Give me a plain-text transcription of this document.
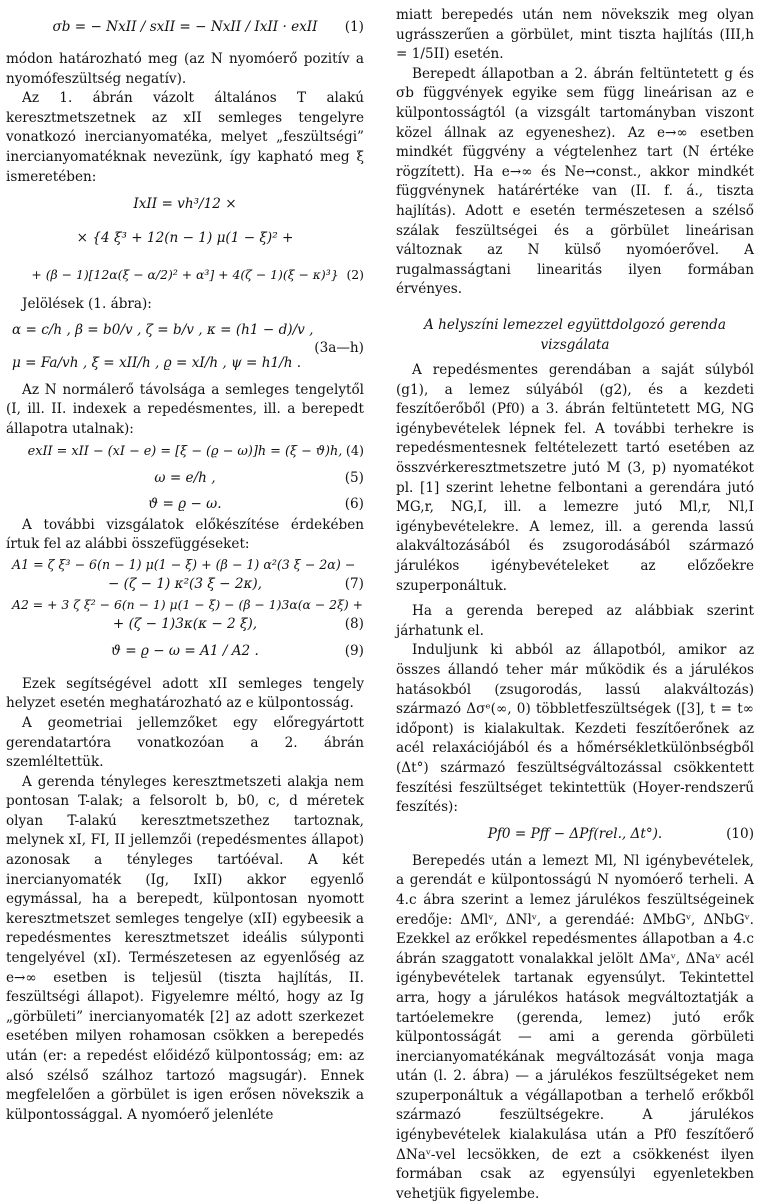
σb = − NxII / sxII = − NxII / IxII · exII (1)

módon határozható meg (az N nyomóerő pozitív a nyomófeszültség negatív).

Az 1. ábrán vázolt általános T alakú keresztmetszetnek az xII semleges tengelyre vonatkozó inercianyomatéka, melyet „feszültségi” inercianyomatéknak nevezünk, így kapható meg ξ ismeretében:

IxII = vh³/12 ×
× {4 ξ³ + 12(n − 1) μ(1 − ξ)² +
+ (β − 1)[12α(ξ − α/2)² + α³] + 4(ζ − 1)(ξ − κ)³} (2)

Jelölések (1. ábra):

α = c/h , β = b0/v , ζ = b/v , κ = (h1 − d)/v ,
μ = Fa/vh , ξ = xII/h , ϱ = xI/h , ψ = h1/h .
(3a—h)

Az N normálerő távolsága a semleges tengelytől (I, ill. II. indexek a repedésmentes, ill. a berepedt állapotra utalnak):

exII = xII − (xI − e) = [ξ − (ϱ − ω)]h = (ξ − ϑ)h, (4)
ω = e/h ,	(5)
ϑ = ϱ − ω.	(6)

A további vizsgálatok előkészítése érdekében írtuk fel az alábbi összefüggéseket:

A1 = ζ ξ³ − 6(n − 1) μ(1 − ξ) + (β − 1) α²(3 ξ − 2α) −
− (ζ − 1) κ²(3 ξ − 2κ),	(7)
A2 = + 3 ζ ξ² − 6(n − 1) μ(1 − ξ) − (β − 1)3α(α − 2ξ) +
+ (ζ − 1)3κ(κ − 2 ξ),	(8)
ϑ = ϱ − ω = A1 / A2 .	(9)

Ezek segítségével adott xII semleges tengely helyzet esetén meghatározható az e külpontosság.

A geometriai jellemzőket egy előregyártott gerendatartóra vonatkozóan a 2. ábrán szemléltettük.

A gerenda tényleges keresztmetszeti alakja nem pontosan T-alak; a felsorolt b, b0, c, d méretek olyan T-alakú keresztmetszethez tartoznak, melynek xI, FI, II jellemzői (repedésmentes állapot) azonosak a tényleges tartóéval. A két inercianyomaték (Ig, IxII) akkor egyenlő egymással, ha a berepedt, külpontosan nyomott keresztmetszet semleges tengelye (xII) egybeesik a repedésmentes keresztmetszet ideális súlyponti tengelyével (xI). Természetesen az egyenlőség az e→∞ esetben is teljesül (tiszta hajlítás, II. feszültségi állapot). Figyelemre méltó, hogy az Ig „görbületi” inercianyomaték [2] az adott szerkezet esetében milyen rohamosan csökken a berepedés után (er: a repedést előidéző külpontosság; em: az alsó szélső szálhoz tartozó magsugár). Ennek megfelelően a görbület is igen erősen növekszik a külpontossággal. A nyomóerő jelenléte

miatt berepedés után nem növekszik meg olyan ugrásszerűen a görbület, mint tiszta hajlítás (III,h = 1/5II) esetén.

Berepedt állapotban a 2. ábrán feltüntetett g és σb függvények egyike sem függ lineárisan az e külpontosságtól (a vizsgált tartományban viszont közel állnak az egyeneshez). Az e→∞ esetben mindkét függvény a végtelenhez tart (N értéke rögzített). Ha e→∞ és Ne→const., akkor mindkét függvénynek határértéke van (II. f. á., tiszta hajlítás). Adott e esetén természetesen a szélső szálak feszültségei és a görbület lineárisan változnak az N külső nyomóerővel. A rugalmasságtani linearitás ilyen formában érvényes.

A helyszíni lemezzel együttdolgozó gerenda
vizsgálata

A repedésmentes gerendában a saját súlyból (g1), a lemez súlyából (g2), és a kezdeti feszítőerőből (Pf0) a 3. ábrán feltüntetett MG, NG igénybevételek lépnek fel. A további terhekre is repedésmentesnek feltételezett tartó esetében az összvérkeresztmetszetre jutó M (3, p) nyomatékot pl. [1] szerint lehetne felbontani a gerendára jutó MG,r, NG,I, ill. a lemezre jutó Ml,r, Nl,I igénybevételekre. A lemez, ill. a gerenda lassú alakváltozásából és zsugorodásából származó járulékos igénybevételeket az előzőekre szuperponáltuk.

Ha a gerenda bereped az alábbiak szerint járhatunk el.

Induljunk ki abból az állapotból, amikor az összes állandó teher már működik és a járulékos hatásokból (zsugorodás, lassú alakváltozás) származó Δσᵉ(∞, 0) többletfeszültségek ([3], t = t∞ időpont) is kialakultak. Kezdeti feszítőerőnek az acél relaxációjából és a hőmérsékletkülönbségből (Δt°) származó feszültségváltozással csökkentett feszítési feszültséget tekintettük (Hoyer-rendszerű feszítés):

Pf0 = Pff − ΔPf(rel., Δt°).	(10)

Berepedés után a lemezt Ml, Nl igénybevételek, a gerendát e külpontosságú N nyomóerő terheli. A 4.c ábra szerint a lemez járulékos feszültségeinek eredője: ΔMlᵛ, ΔNlᵛ, a gerendáé: ΔMbGᵛ, ΔNbGᵛ. Ezekkel az erőkkel repedésmentes állapotban a 4.c ábrán szaggatott vonalakkal jelölt ΔMaᵛ, ΔNaᵛ acél igénybevételek tartanak egyensúlyt. Tekintettel arra, hogy a járulékos hatások megváltoztatják a tartóelemekre (gerenda, lemez) jutó erők külpontosságát — ami a gerenda görbületi inercianyomatékának megváltozását vonja maga után (l. 2. ábra) — a járulékos feszültségeket nem szuperponáltuk a végállapotban a terhelő erőkből származó feszültségekre. A járulékos igénybevételek kialakulása után a Pf0 feszítőerő ΔNaᵛ-vel lecsökken, de ezt a csökkenést ilyen formában csak az egyensúlyi egyenletekben vehetjük figyelembe.
